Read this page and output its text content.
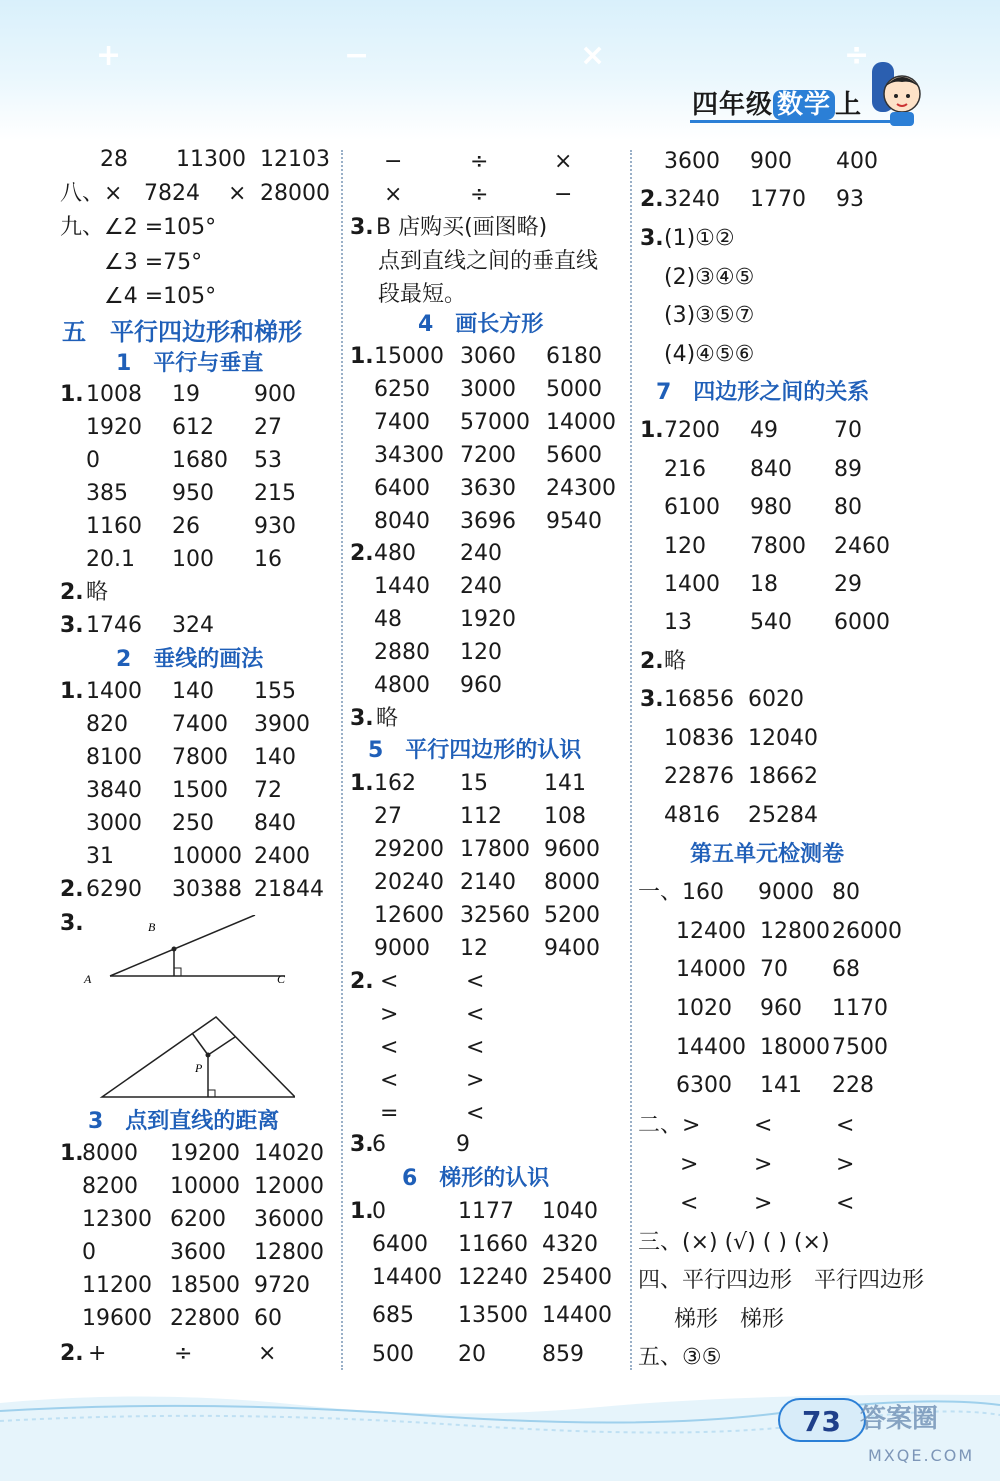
+	−	×	÷
四年级 数学 上
28 11300 12103
八、× 7824 × 28000
九、∠2 =105°
∠3 =75°
∠4 =105°
五　平行四边形和梯形
1　平行与垂直
1. 1008 19 900
1920 612 27
0	1680 53
385 950 215
1160 26 930
20.1 100 16
2. 略
3. 1746 324
2　垂线的画法
1. 1400 140 155
820 7400 3900
8100 7800 140
3840 1500 72
3000 250 840
31	10000 2400
2. 6290 30388 21844
3.
A
B
C
P
3　点到直线的距离
1.
8000 19200 14020
8200 10000 12000
12300 6200 36000
0	3600 12800
11200 18500 9720
19600 22800 60
2. +	÷	×
−	÷	×
×	÷	−
3. B 店购买(画图略)
点到直线之间的垂直线
段最短。
4　画长方形
1. 15000 3060 6180
6250 3000 5000
7400 57000 14000
34300 7200 5600
6400 3630 24300
8040 3696 9540
2. 480 240
1440 240
48	1920
2880 120
4800 960
3. 略
5　平行四边形的认识
1. 162 15	141
27	112 108
29200 17800 9600
20240 2140 8000
12600 32560 5200
9000 12	9400
2. <	<
>	<
<	<
<	>
=	<
3.
6	9
6　梯形的认识
1.
0	1177 1040
6400 11660 4320
14400 12240 25400
685 13500 14400
500 20	859
3600 900 400
2. 3240 1770 93
3. (1)①②
(2)③④⑤
(3)③⑤⑦
(4)④⑤⑥
7　四边形之间的关系
1. 7200 49	70
216 840 89
6100 980 80
120 7800 2460
1400 18	29
13	540 6000
2. 略
3. 16856 6020
10836 12040
22876 18662
4816 25284
第五单元检测卷
一、160 9000 80
12400 12800 26000
14000 70 68
1020 960 1170
14400 18000 7500
6300 141 228
二、> <	<
>	>	>
<	>	<
三、(×) (√) ( ) (×)
四、平行四边形　平行四边形
梯形　梯形
五、③⑤
73 答案圈
MXQE.COM
